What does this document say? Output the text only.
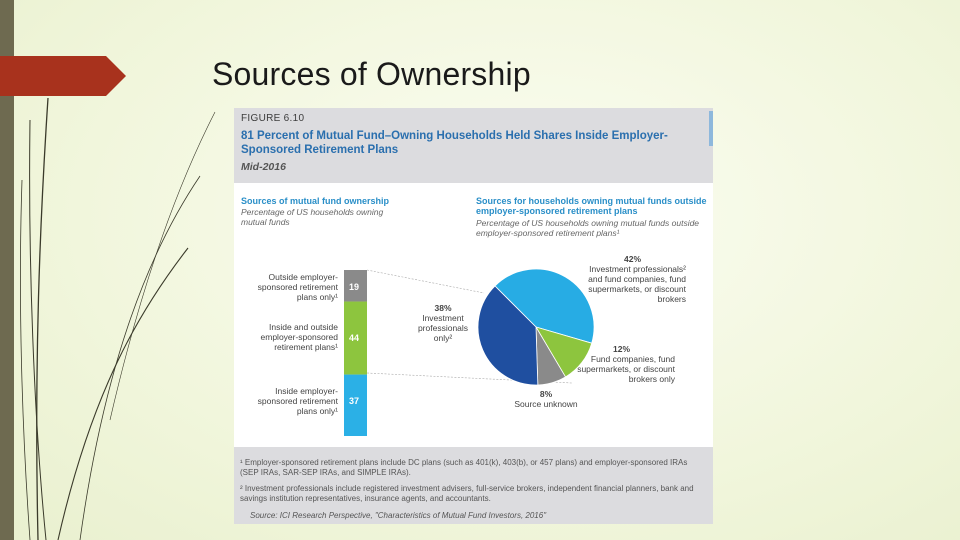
Sources of Ownership
FIGURE 6.10
81 Percent of Mutual Fund–Owning Households Held Shares Inside Employer-Sponsored Retirement Plans
Mid-2016
Sources of mutual fund ownership
Percentage of US households owning mutual funds
Sources for households owning mutual funds outside employer-sponsored retirement plans
Percentage of US households owning mutual funds outside employer-sponsored retirement plans¹
Outside employer-sponsored retirement plans only¹
Inside and outside employer-sponsored retirement plans¹
Inside employer-sponsored retirement plans only¹
19
44
37
42%
Investment professionals² and fund companies, fund supermarkets, or discount brokers
12%
Fund companies, fund supermarkets, or discount brokers only
8%
Source unknown
38%
Investment professionals only²
¹ Employer-sponsored retirement plans include DC plans (such as 401(k), 403(b), or 457 plans) and employer-sponsored IRAs (SEP IRAs, SAR-SEP IRAs, and SIMPLE IRAs).
² Investment professionals include registered investment advisers, full-service brokers, independent financial planners, bank and savings institution representatives, insurance agents, and accountants.
Source: ICI Research Perspective, "Characteristics of Mutual Fund Investors, 2016"
